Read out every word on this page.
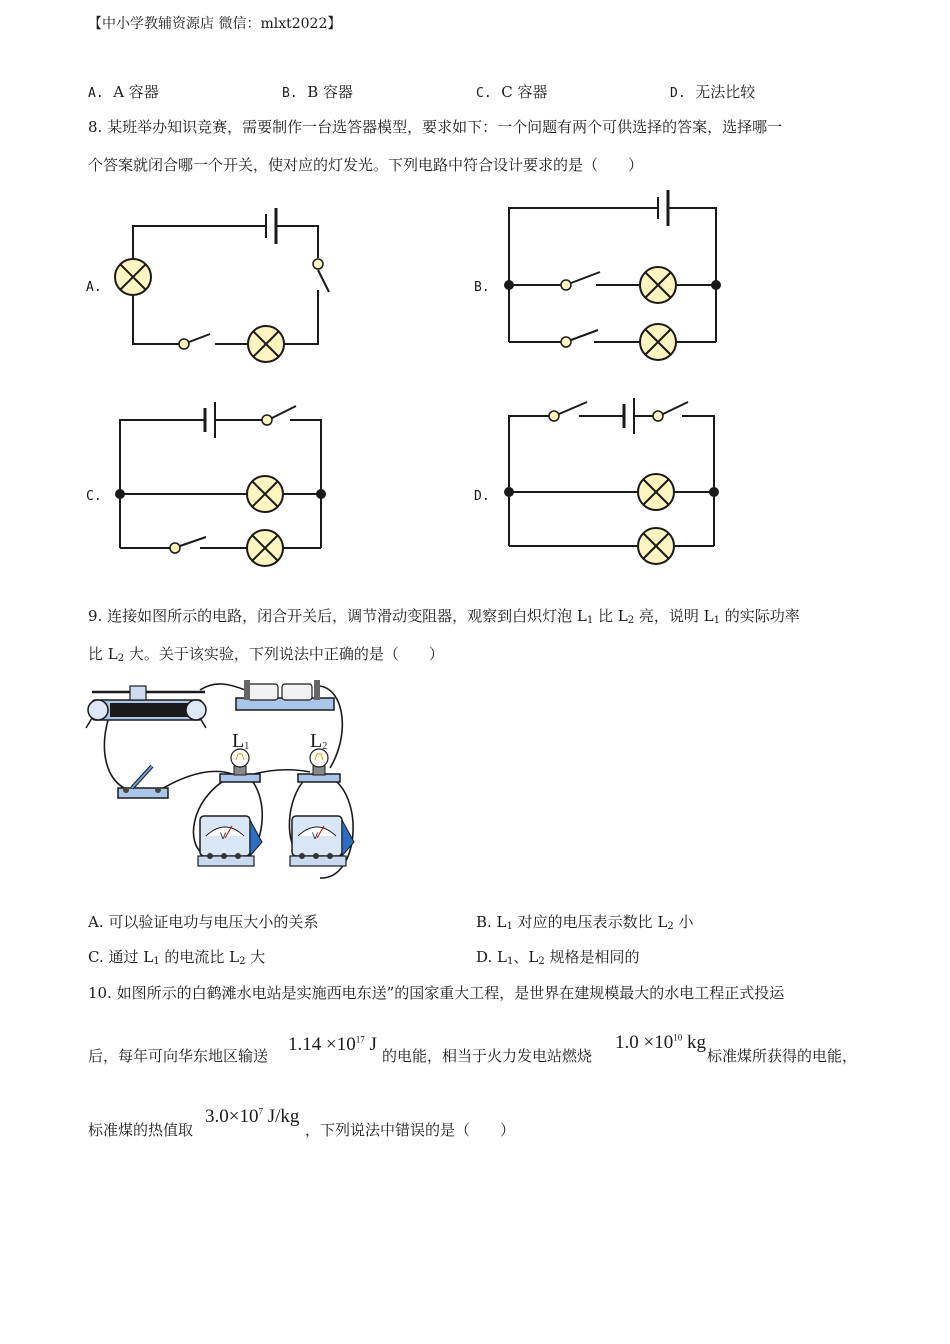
【中小学教辅资源店 微信：mlxt2022】
A. A 容器	B. B 容器	C. C 容器	D. 无法比较
8. 某班举办知识竞赛，需要制作一台选答器模型，要求如下：一个问题有两个可供选择的答案，选择哪一
个答案就闭合哪一个开关，使对应的灯发光。下列电路中符合设计要求的是（　　）
A.	B.
C.	D.
9. 连接如图所示的电路，闭合开关后，调节滑动变阻器，观察到白炽灯泡 $L_1$ 比 $L_2$ 亮，说明 $L_1$ 的实际功率
比 $L_2$ 大。关于该实验，下列说法中正确的是（　　）
$L_1$	$L_2$
V	V
A. 可以验证电功与电压大小的关系	B. $L_1$ 对应的电压表示数比 $L_2$ 小
C. 通过 $L_1$ 的电流比 $L_2$ 大	D. $L_1$、$L_2$ 规格是相同的
10. 如图所示的白鹤滩水电站是实施西电东送”的国家重大工程，是世界在建规模最大的水电工程正式投运
后，每年可向华东地区输送
$1.14 \times 10^{17}$ J
的电能，相当于火力发电站燃烧
$1.0 \times 10^{10}$ kg
标准煤所获得的电能，
标准煤的热值取
$3.0\times 10^7$ J/kg
，下列说法中错误的是（　　）
